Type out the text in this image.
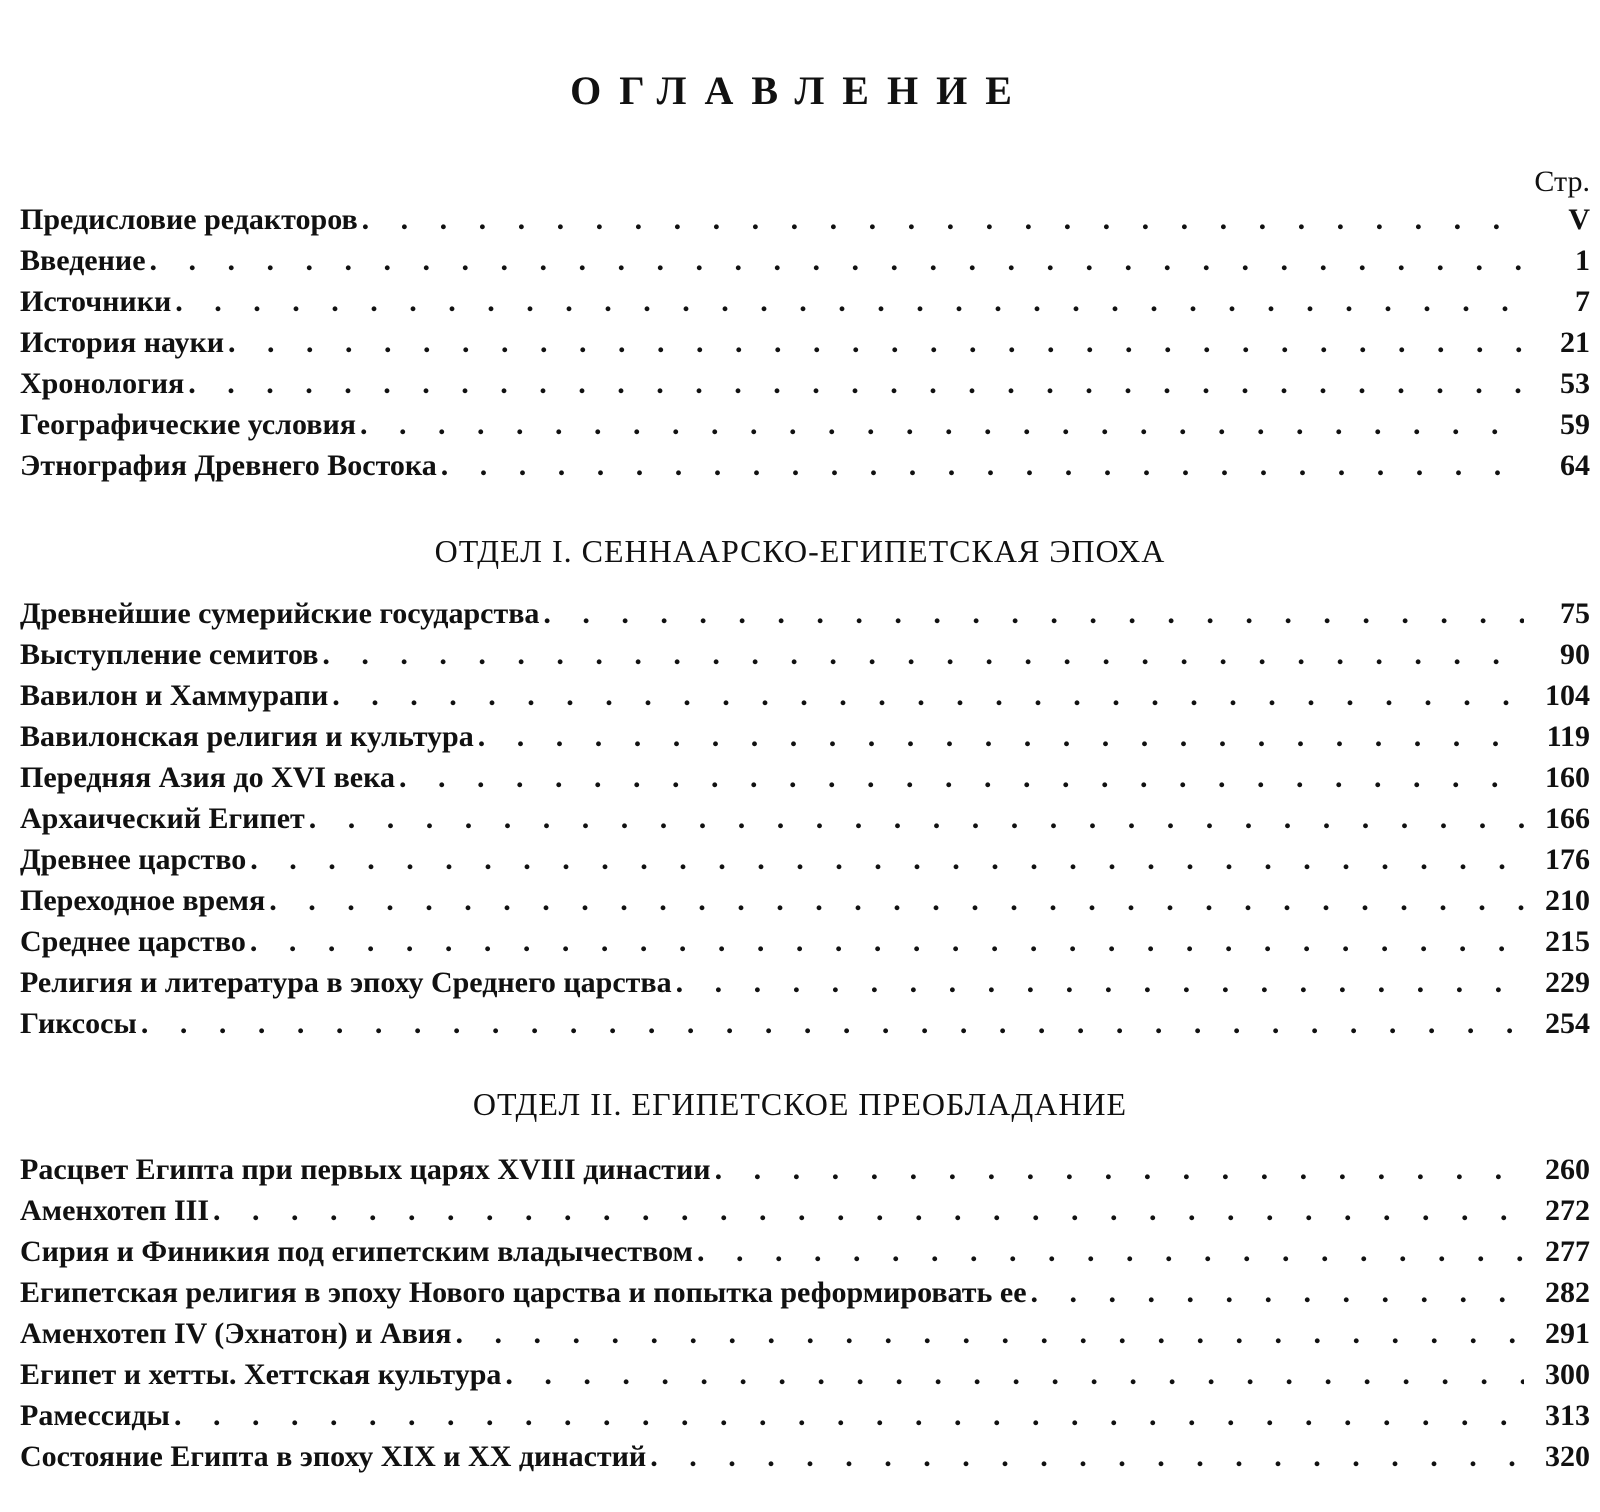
ОГЛАВЛЕНИЕ
Стр.
Предисловие редакторов . . .	V
Введение . . .	1
Источники . . .	7
История науки . . .	21
Хронология . . .	53
Географические условия . . .	59
Этнография Древнего Востока . . .	64
ОТДЕЛ I. СЕННААРСКО-ЕГИПЕТСКАЯ ЭПОХА
Древнейшие сумерийские государства . . .	75
Выступление семитов . . .	90
Вавилон и Хаммурапи . . .	104
Вавилонская религия и культура . . .	119
Передняя Азия до XVI века . . .	160
Архаический Египет . . .	166
Древнее царство . . .	176
Переходное время . . .	210
Среднее царство . . .	215
Религия и литература в эпоху Среднего царства . . .	229
Гиксосы . . .	254
ОТДЕЛ II. ЕГИПЕТСКОЕ ПРЕОБЛАДАНИЕ
Расцвет Египта при первых царях XVIII династии . . .	260
Аменхотеп III . . .	272
Сирия и Финикия под египетским владычеством . . .	277
Египетская религия в эпоху Нового царства и попытка реформировать ее . . .	282
Аменхотеп IV (Эхнатон) и Авия . . .	291
Египет и хетты. Хеттская культура . . .	300
Рамессиды . . .	313
Состояние Египта в эпоху XIX и XX династий . . .	320
